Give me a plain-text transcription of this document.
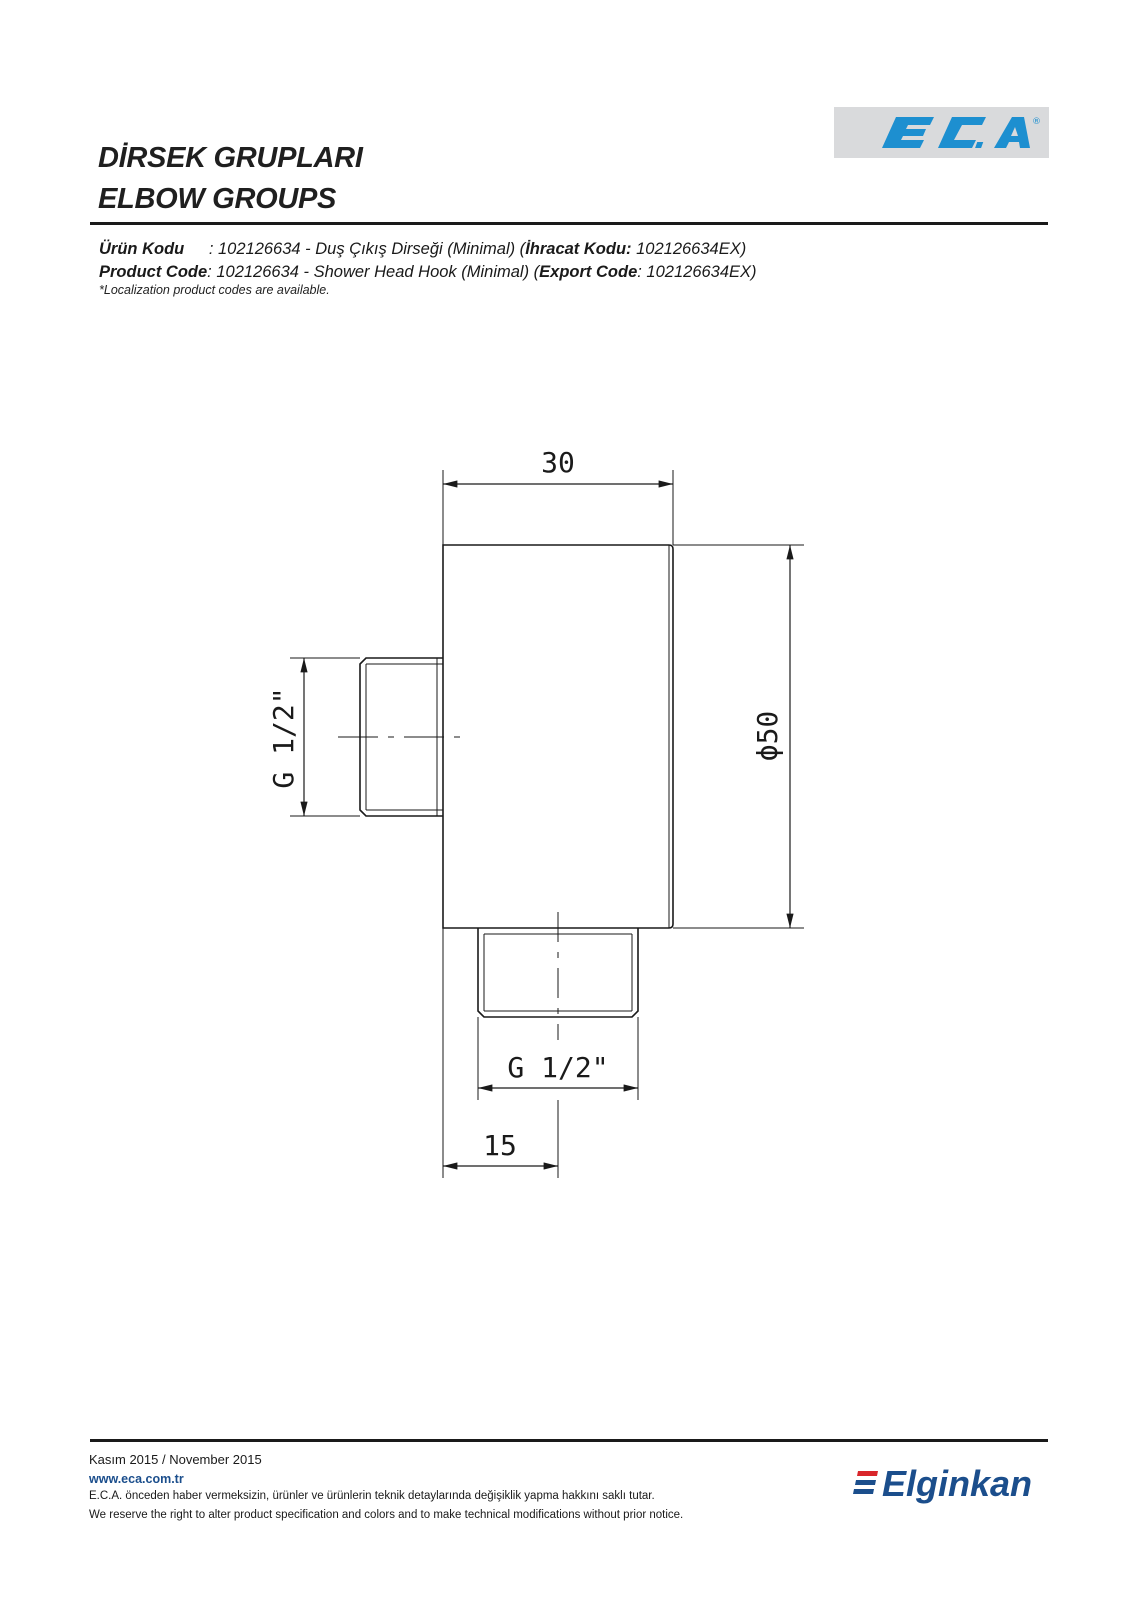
®
DİRSEK GRUPLARI
ELBOW GROUPS
Ürün Kodu : 102126634 - Duş Çıkış Dirseği (Minimal) (İhracat Kodu: 102126634EX)
Product Code: 102126634 - Shower Head Hook (Minimal) (Export Code: 102126634EX)
*Localization product codes are available.
30
ϕ50
G 1/2"
G 1/2"
15
Kasım 2015 / November 2015
www.eca.com.tr
E.C.A. önceden haber vermeksizin, ürünler ve ürünlerin teknik detaylarında değişiklik yapma hakkını saklı tutar.
We reserve the right to alter product specification and colors and to make technical modifications without prior notice.
Elginkan
